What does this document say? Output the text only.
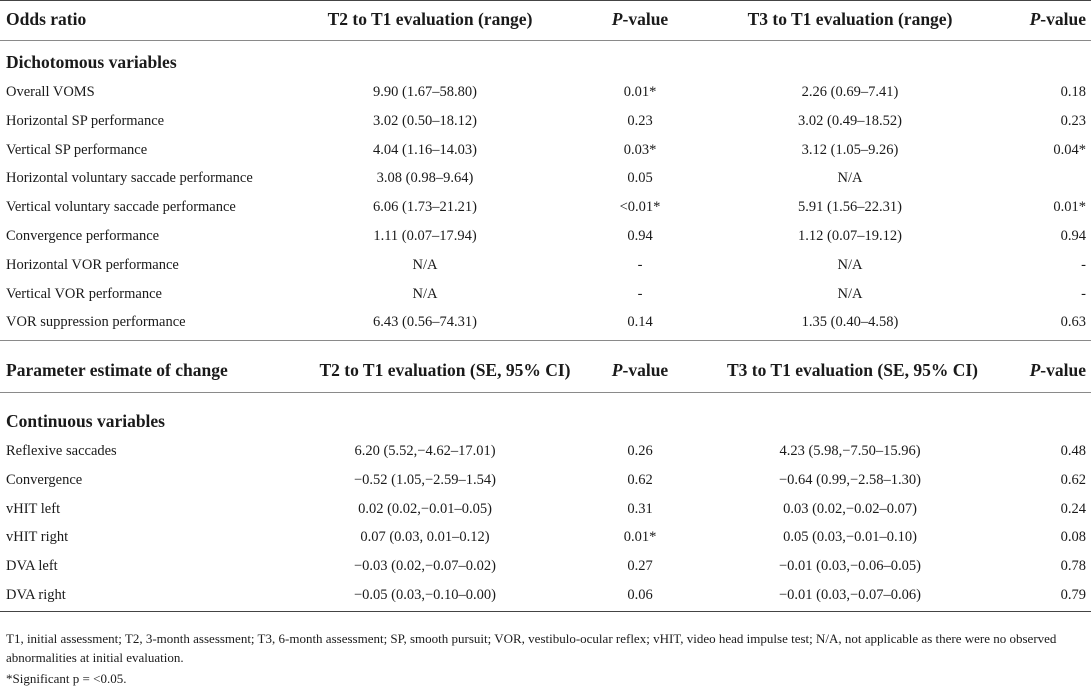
Odds ratio	T2 to T1 evaluation (range)	P-value	T3 to T1 evaluation (range)	P-value
Dichotomous variables
Overall VOMS	9.90 (1.67–58.80)	0.01*	2.26 (0.69–7.41)	0.18
Horizontal SP performance	3.02 (0.50–18.12)	0.23	3.02 (0.49–18.52)	0.23
Vertical SP performance	4.04 (1.16–14.03)	0.03*	3.12 (1.05–9.26)	0.04*
Horizontal voluntary saccade performance	3.08 (0.98–9.64)	0.05	N/A
Vertical voluntary saccade performance	6.06 (1.73–21.21)	<0.01*	5.91 (1.56–22.31)	0.01*
Convergence performance	1.11 (0.07–17.94)	0.94	1.12 (0.07–19.12)	0.94
Horizontal VOR performance	N/A	-	N/A	-
Vertical VOR performance	N/A	-	N/A	-
VOR suppression performance	6.43 (0.56–74.31)	0.14	1.35 (0.40–4.58)	0.63
Parameter estimate of change	T2 to T1 evaluation (SE, 95% CI)	P-value	T3 to T1 evaluation (SE, 95% CI)	P-value
Continuous variables
Reflexive saccades	6.20 (5.52,−4.62–17.01)	0.26	4.23 (5.98,−7.50–15.96)	0.48
Convergence	−0.52 (1.05,−2.59–1.54)	0.62	−0.64 (0.99,−2.58–1.30)	0.62
vHIT left	0.02 (0.02,−0.01–0.05)	0.31	0.03 (0.02,−0.02–0.07)	0.24
vHIT right	0.07 (0.03, 0.01–0.12)	0.01*	0.05 (0.03,−0.01–0.10)	0.08
DVA left	−0.03 (0.02,−0.07–0.02)	0.27	−0.01 (0.03,−0.06–0.05)	0.78
DVA right	−0.05 (0.03,−0.10–0.00)	0.06	−0.01 (0.03,−0.07–0.06)	0.79
T1, initial assessment; T2, 3-month assessment; T3, 6-month assessment; SP, smooth pursuit; VOR, vestibulo-ocular reflex; vHIT, video head impulse test; N/A, not applicable as there were no observed abnormalities at initial evaluation.
*Significant p = <0.05.
